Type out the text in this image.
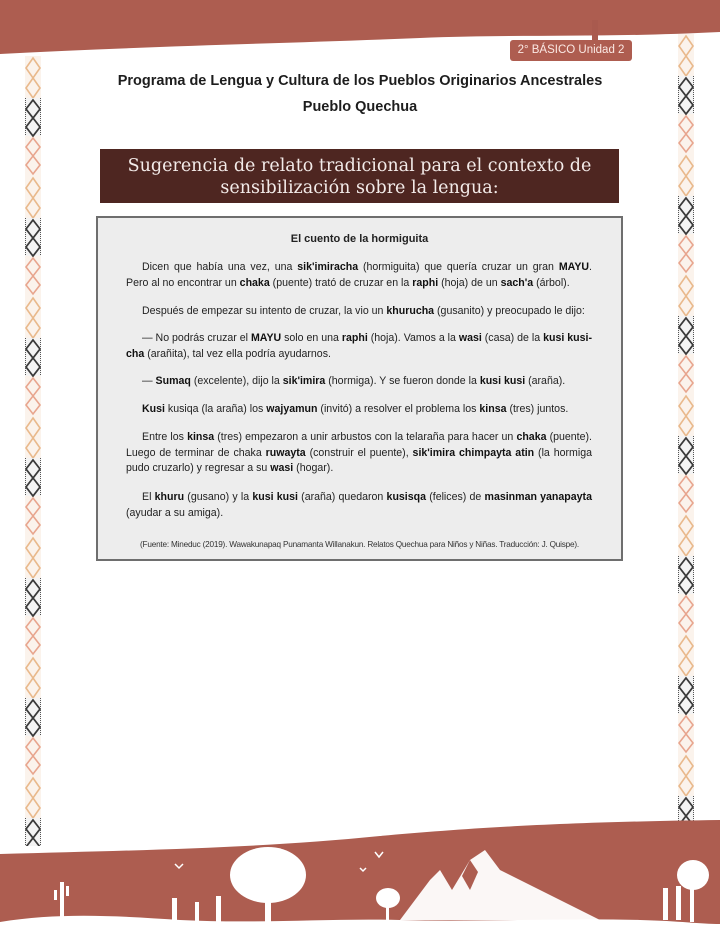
2° BÁSICO Unidad 2
Programa de Lengua y Cultura de los Pueblos Originarios Ancestrales
Pueblo Quechua
Sugerencia de relato tradicional para el contexto de
sensibilización sobre la lengua:
El cuento de la hormiguita

Dicen que había una vez, una sik'imiracha (hormiguita) que quería cruzar un gran MAYU. Pero al no encontrar un chaka (puente) trató de cruzar en la raphi (hoja) de un sach'a (árbol).

Después de empezar su intento de cruzar, la vio un khurucha (gusanito) y preocupado le dijo:

— No podrás cruzar el MAYU solo en una raphi (hoja). Vamos a la wasi (casa) de la kusi kusi-cha (arañita), tal vez ella podría ayudarnos.

— Sumaq (excelente), dijo la sik'imira (hormiga). Y se fueron donde la kusi kusi (araña).

Kusi kusiqa (la araña) los wajyamun (invitó) a resolver el problema los kinsa (tres) juntos.

Entre los kinsa (tres) empezaron a unir arbustos con la telaraña para hacer un chaka (puente). Luego de terminar de chaka ruwayta (construir el puente), sik'imira chimpayta atin (la hormiga pudo cruzarlo) y regresar a su wasi (hogar).

El khuru (gusano) y la kusi kusi (araña) quedaron kusisqa (felices) de masinman yanapayta (ayudar a su amiga).

(Fuente: Mineduc (2019). Wawakunapaq Punamanta Willanakun. Relatos Quechua para Niños y Niñas. Traducción: J. Quispe).
